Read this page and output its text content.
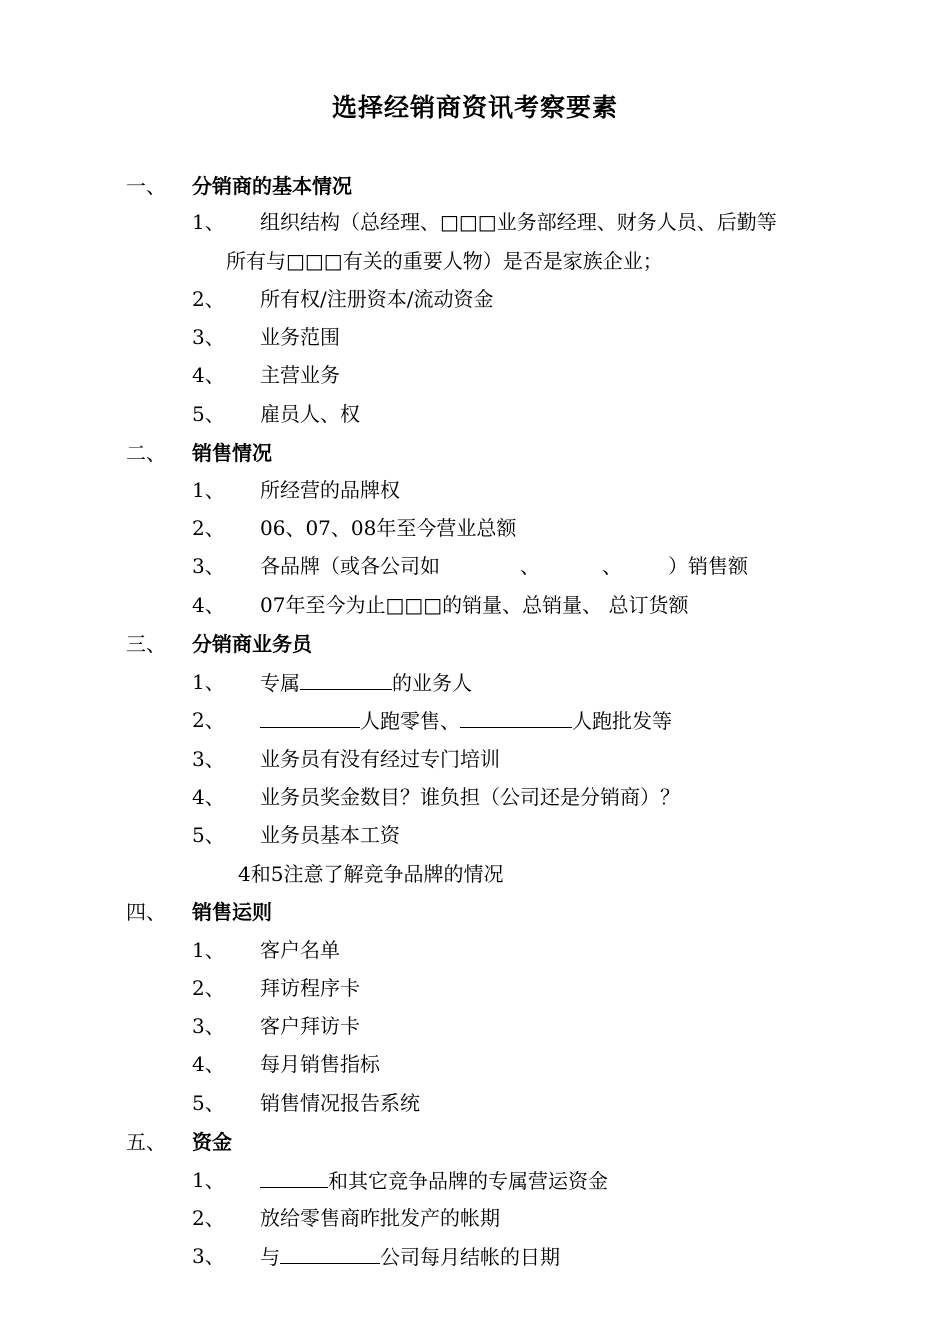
选择经销商资讯考察要素
一、 分销商的基本情况
1、 组织结构（总经理、□□□业务部经理、财务人员、后勤等
所有与□□□有关的重要人物）是否是家族企业；
2、 所有权/注册资本/流动资金
3、 业务范围
4、 主营业务
5、 雇员人、权
二、 销售情况
1、 所经营的品牌权
2、 06、07、08年至今营业总额
3、 各品牌（或各公司如	、	、 ）销售额
4、 07年至今为止□□□的销量、总销量、 总订货额
三、 分销商业务员
1、 专属	的业务人
2、	人跑零售、	人跑批发等
3、 业务员有没有经过专门培训
4、 业务员奖金数目？谁负担（公司还是分销商）？
5、 业务员基本工资
4和5注意了解竞争品牌的情况
四、 销售运则
1、 客户名单
2、 拜访程序卡
3、 客户拜访卡
4、 每月销售指标
5、 销售情况报告系统
五、 资金
1、	和其它竞争品牌的专属营运资金
2、 放给零售商昨批发产的帐期
3、 与	公司每月结帐的日期
